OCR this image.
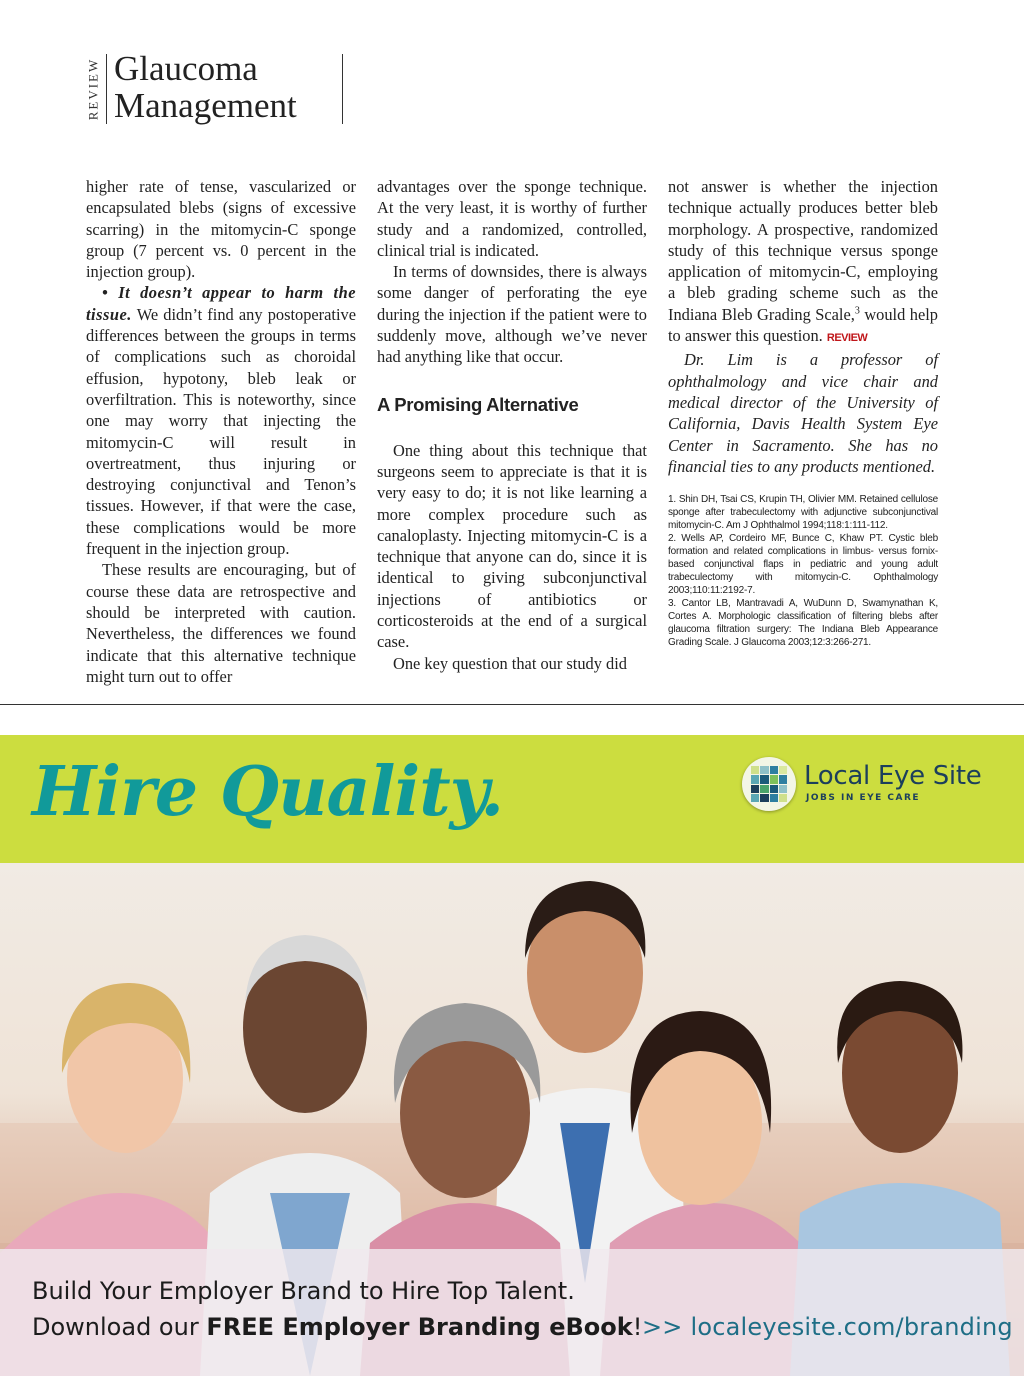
REVIEW Glaucoma
Management

higher rate of tense, vascularized or encapsulated blebs (signs of excessive scarring) in the mitomycin-C sponge group (7 percent vs. 0 percent in the injection group).

• It doesn’t appear to harm the tissue. We didn’t find any postoperative differences between the groups in terms of complications such as choroidal effusion, hypotony, bleb leak or overfiltration. This is noteworthy, since one may worry that injecting the mitomycin-C will result in overtreatment, thus injuring or destroying conjunctival and Tenon’s tissues. However, if that were the case, these complications would be more frequent in the injection group.

These results are encouraging, but of course these data are retrospective and should be interpreted with caution. Nevertheless, the differences we found indicate that this alternative technique might turn out to offer

advantages over the sponge technique. At the very least, it is worthy of further study and a randomized, controlled, clinical trial is indicated.

In terms of downsides, there is always some danger of perforating the eye during the injection if the patient were to suddenly move, although we’ve never had anything like that occur.

A Promising Alternative

One thing about this technique that surgeons seem to appreciate is that it is very easy to do; it is not like learning a more complex procedure such as canaloplasty. Injecting mitomycin-C is a technique that anyone can do, since it is identical to giving subconjunctival injections of antibiotics or corticosteroids at the end of a surgical case.

One key question that our study did

not answer is whether the injection technique actually produces better bleb morphology. A prospective, randomized study of this technique versus sponge application of mitomycin-C, employing a bleb grading scheme such as the Indiana Bleb Grading Scale,$^3$ would help to answer this question. REVIEW

Dr. Lim is a professor of ophthalmology and vice chair and medical director of the University of California, Davis Health System Eye Center in Sacramento. She has no financial ties to any products mentioned.

1. Shin DH, Tsai CS, Krupin TH, Olivier MM. Retained cellulose sponge after trabeculectomy with adjunctive subconjunctival mitomycin-C. Am J Ophthalmol 1994;118:1:111-112.
2. Wells AP, Cordeiro MF, Bunce C, Khaw PT. Cystic bleb formation and related complications in limbus- versus fornix-based conjunctival flaps in pediatric and young adult trabeculectomy with mitomycin-C. Ophthalmology 2003;110:11:2192-7.
3. Cantor LB, Mantravadi A, WuDunn D, Swamynathan K, Cortes A. Morphologic classification of filtering blebs after glaucoma filtration surgery: The Indiana Bleb Appearance Grading Scale. J Glaucoma 2003;12:3:266-271.
Hire Quality.	Local Eye Site
JOBS IN EYE CARE
Build Your Employer Brand to Hire Top Talent.
Download our FREE Employer Branding eBook! >> localeyesite.com/branding
